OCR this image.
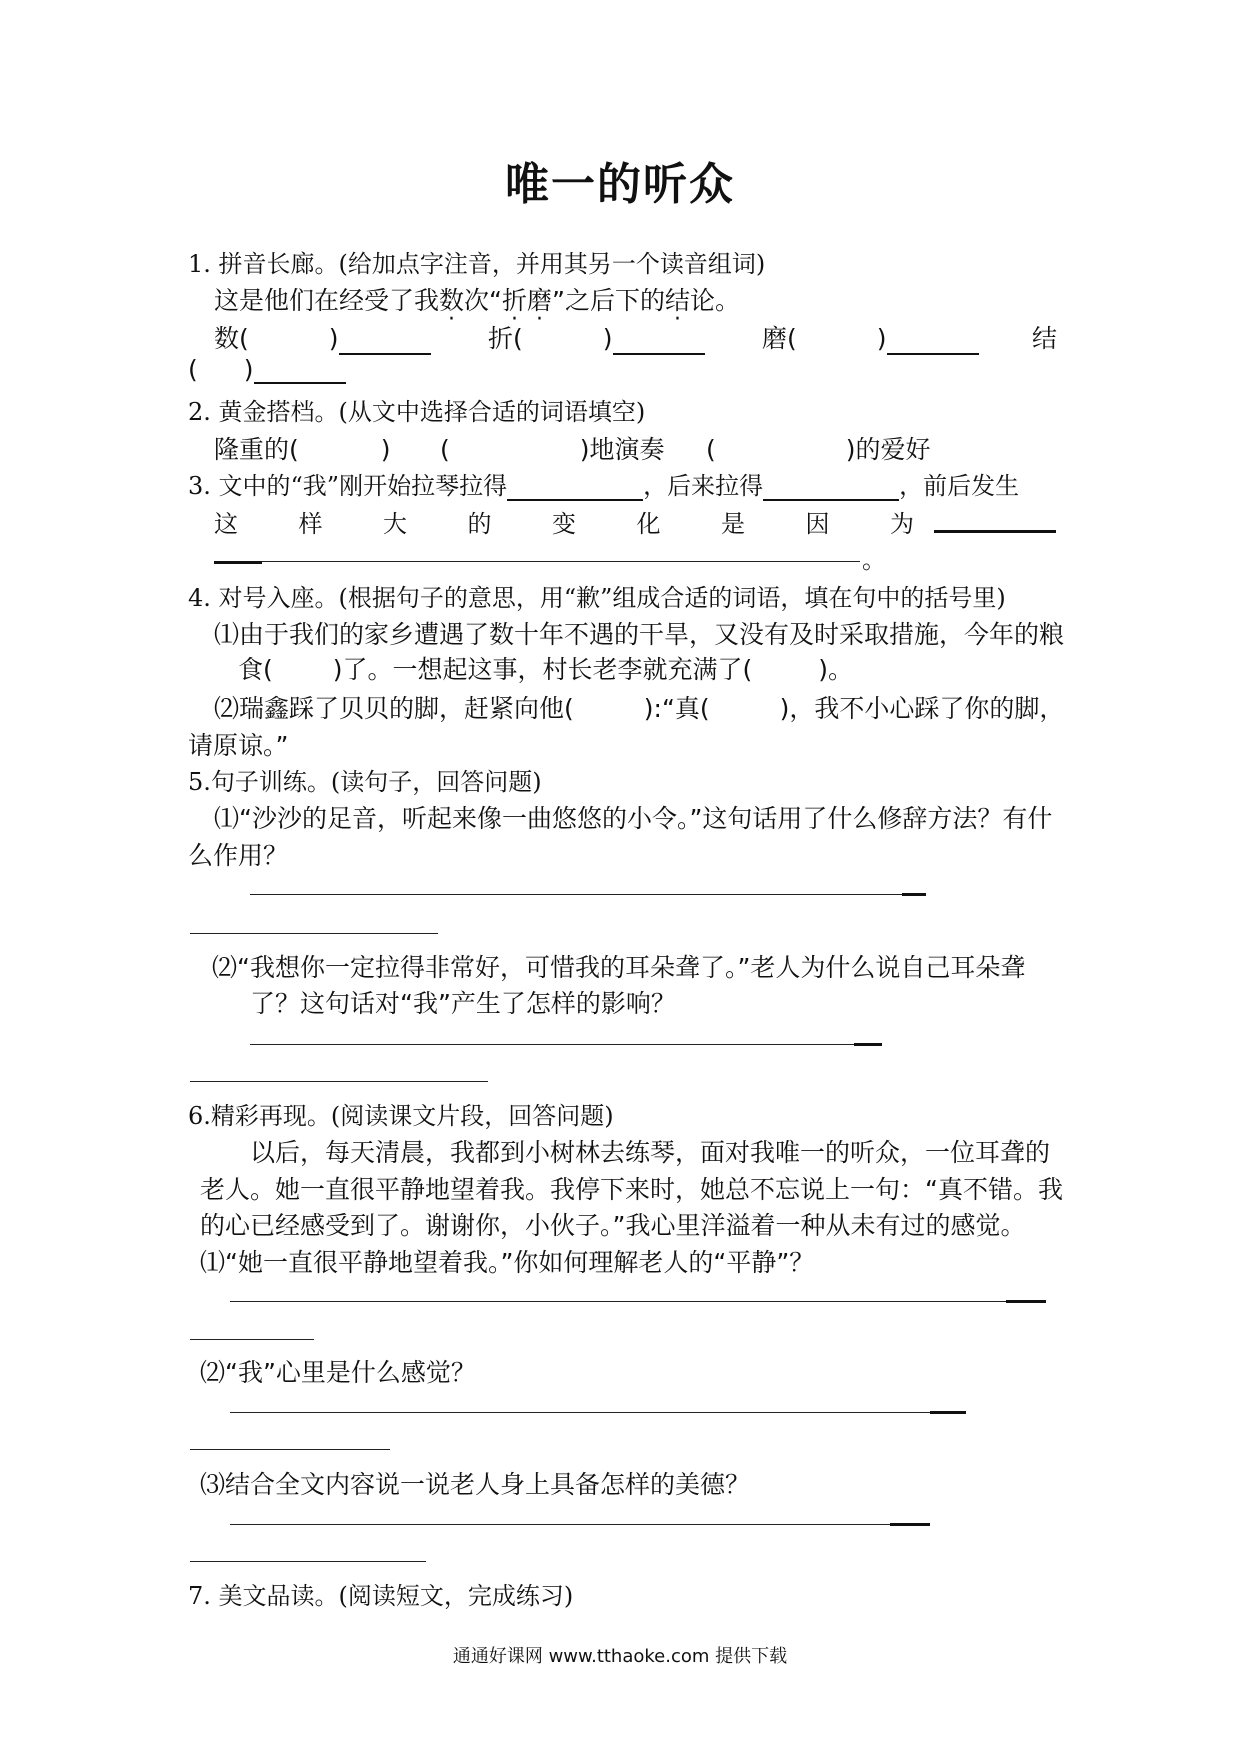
唯一的听众
1. 拼音长廊。(给加点字注音，并用其另一个读音组词)
这是他们在经受了我数次“折磨”之后下的结论。
数(	)	折(	)	磨(	)	结
( )
2. 黄金搭档。(从文中选择合适的词语填空)
隆重的(	) (	)地演奏 (	)的爱好
3. 文中的“我”刚开始拉琴拉得	，后来拉得	，前后发生
这	样	大	的	变	化	是	因	为
。
4. 对号入座。(根据句子的意思，用“歉”组成合适的词语，填在句中的括号里)
⑴由于我们的家乡遭遇了数十年不遇的干旱，又没有及时采取措施，今年的粮
食( )了。一想起这事，村长老李就充满了(	)。
⑵瑞鑫踩了贝贝的脚，赶紧向他(	):“真(	)，我不小心踩了你的脚，
请原谅。”
5.句子训练。(读句子，回答问题)
⑴“沙沙的足音，听起来像一曲悠悠的小令。”这句话用了什么修辞方法？有什
么作用？
⑵“我想你一定拉得非常好，可惜我的耳朵聋了。”老人为什么说自己耳朵聋
了？这句话对“我”产生了怎样的影响？
6.精彩再现。(阅读课文片段，回答问题)
以后，每天清晨，我都到小树林去练琴，面对我唯一的听众，一位耳聋的
老人。她一直很平静地望着我。我停下来时，她总不忘说上一句：“真不错。我
的心已经感受到了。谢谢你，小伙子。”我心里洋溢着一种从未有过的感觉。
⑴“她一直很平静地望着我。”你如何理解老人的“平静”？
⑵“我”心里是什么感觉？
⑶结合全文内容说一说老人身上具备怎样的美德？
7. 美文品读。(阅读短文，完成练习)
通通好课网 www.tthaoke.com 提供下载
